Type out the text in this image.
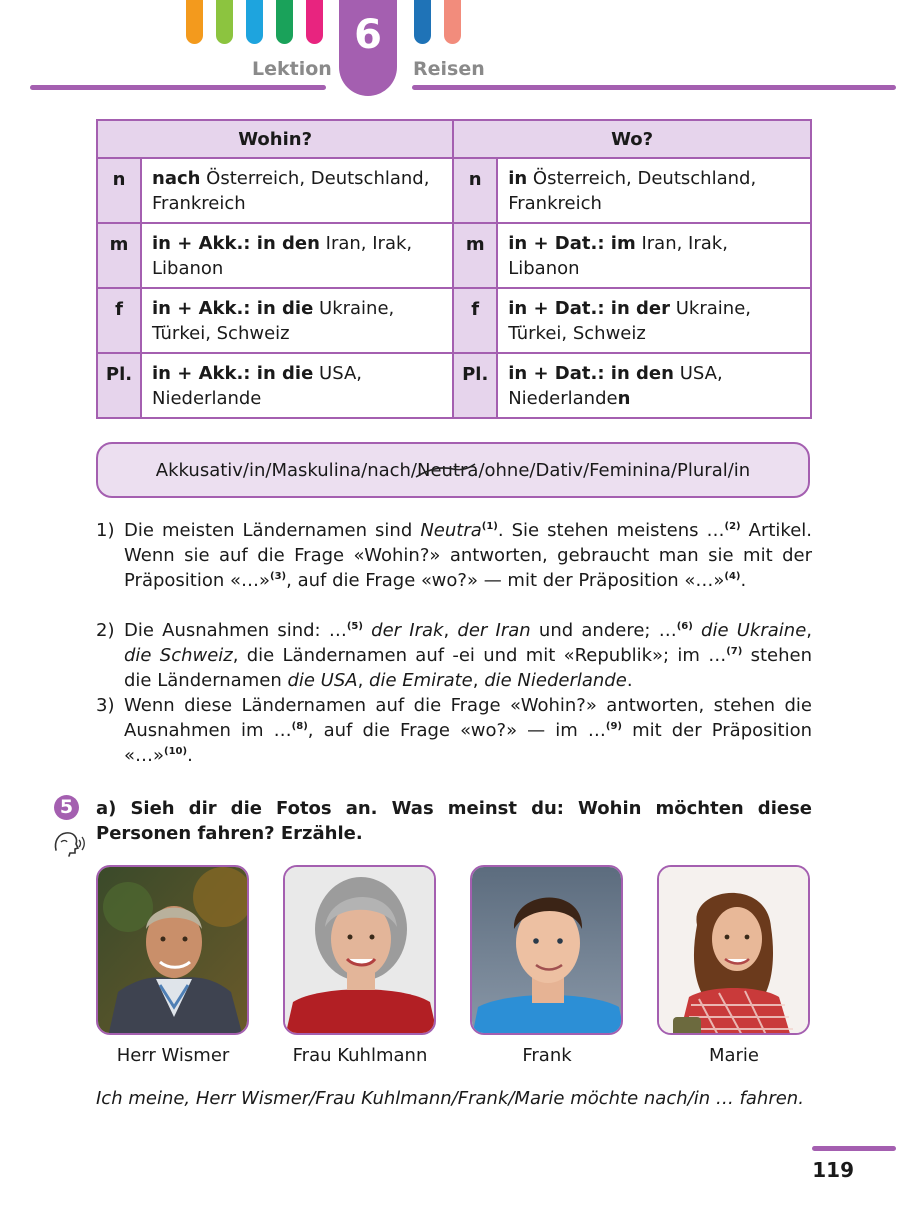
6
Lektion	Reisen
Wohin?		Wo?	
n	nach Österreich, Deutschland, Frankreich	n	in Österreich, Deutschland, Frankreich
m	in + Akk.: in den Iran, Irak, Libanon	m	in + Dat.: im Iran, Irak, Libanon
f	in + Akk.: in die Ukraine, Türkei, Schweiz	f	in + Dat.: in der Ukraine, Türkei, Schweiz
Pl.	in + Akk.: in die USA, Niederlande	Pl.	in + Dat.: in den USA, Niederlanden
Akkusativ/in/Maskulina/nach/ Neutra /ohne/Dativ/Feminina/Plural/in
1) Die meisten Ländernamen sind Neutra$^{(1)}$. Sie stehen meistens …$^{(2)}$ Artikel. Wenn sie auf die Frage «Wohin?» antworten, gebraucht man sie mit der Präposition «…»$^{(3)}$, auf die Frage «wo?» — mit der Präposition «…»$^{(4)}$.
2) Die Ausnahmen sind: …$^{(5)}$ der Irak, der Iran und andere; …$^{(6)}$ die Ukraine, die Schweiz, die Ländernamen auf -ei und mit «Republik»; im …$^{(7)}$ stehen die Ländernamen die USA, die Emirate, die Niederlande.
3) Wenn diese Ländernamen auf die Frage «Wohin?» antworten, stehen die Ausnahmen im …$^{(8)}$, auf die Frage «wo?» — im …$^{(9)}$ mit der Präposition «…»$^{(10)}$.
5	a) Sieh dir die Fotos an. Was meinst du: Wohin möchten diese Personen fahren? Erzähle.
Herr Wismer	Frau Kuhlmann	Frank	Marie
Ich meine, Herr Wismer/Frau Kuhlmann/Frank/Marie möchte nach/in … fahren.
119
